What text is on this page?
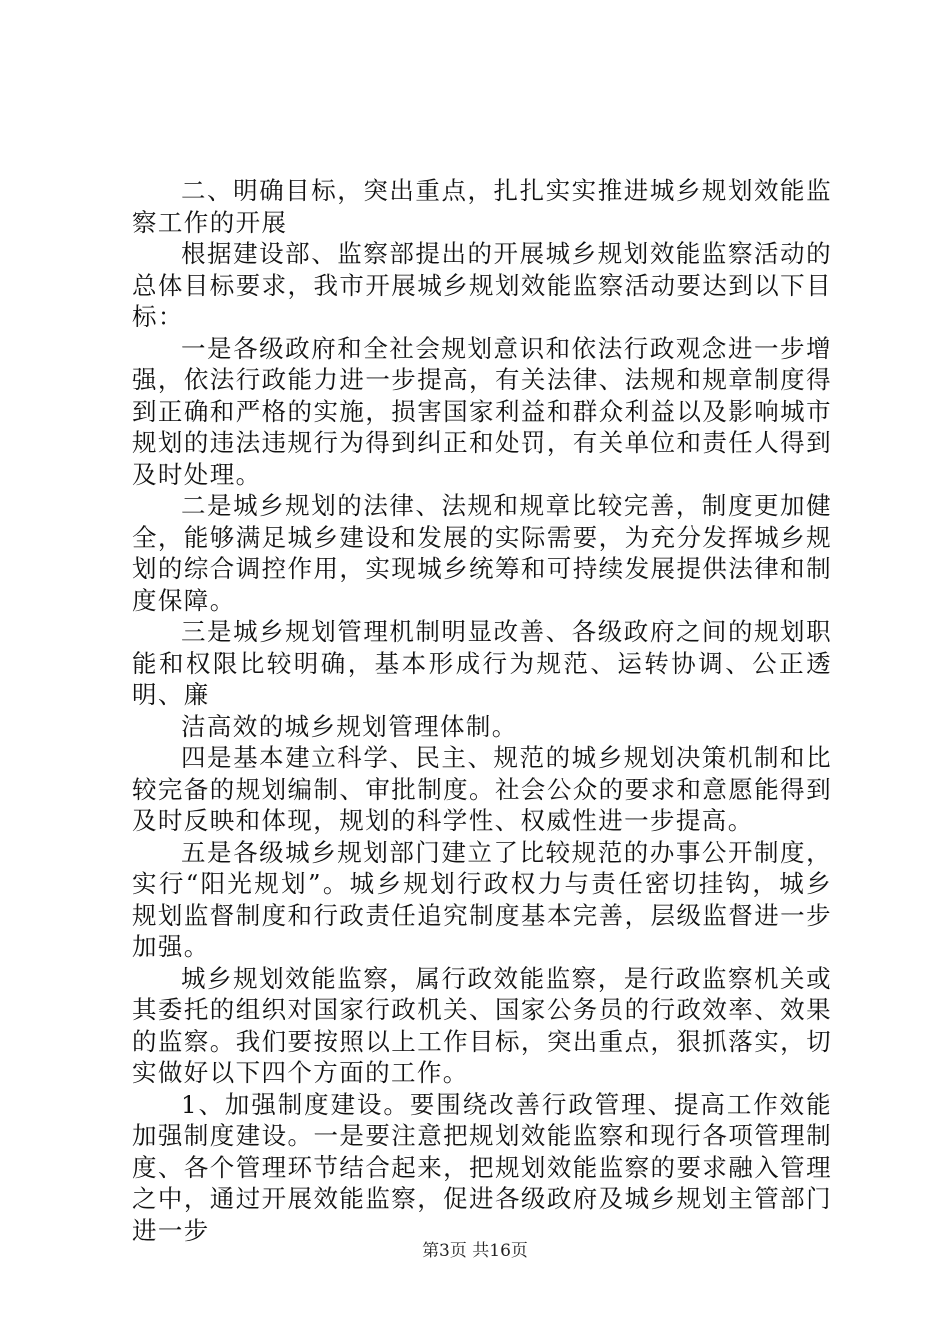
二、明确目标，突出重点，扎扎实实推进城乡规划效能监察工作的开展

根据建设部、监察部提出的开展城乡规划效能监察活动的总体目标要求，我市开展城乡规划效能监察活动要达到以下目标：

一是各级政府和全社会规划意识和依法行政观念进一步增强，依法行政能力进一步提高，有关法律、法规和规章制度得到正确和严格的实施，损害国家利益和群众利益以及影响城市规划的违法违规行为得到纠正和处罚，有关单位和责任人得到及时处理。

二是城乡规划的法律、法规和规章比较完善，制度更加健全，能够满足城乡建设和发展的实际需要，为充分发挥城乡规划的综合调控作用，实现城乡统筹和可持续发展提供法律和制度保障。

三是城乡规划管理机制明显改善、各级政府之间的规划职能和权限比较明确，基本形成行为规范、运转协调、公正透明、廉

洁高效的城乡规划管理体制。

四是基本建立科学、民主、规范的城乡规划决策机制和比较完备的规划编制、审批制度。社会公众的要求和意愿能得到及时反映和体现，规划的科学性、权威性进一步提高。

五是各级城乡规划部门建立了比较规范的办事公开制度，实行“阳光规划”。城乡规划行政权力与责任密切挂钩，城乡规划监督制度和行政责任追究制度基本完善，层级监督进一步加强。

城乡规划效能监察，属行政效能监察，是行政监察机关或其委托的组织对国家行政机关、国家公务员的行政效率、效果的监察。我们要按照以上工作目标，突出重点，狠抓落实，切实做好以下四个方面的工作。

1、加强制度建设。要围绕改善行政管理、提高工作效能加强制度建设。一是要注意把规划效能监察和现行各项管理制度、各个管理环节结合起来，把规划效能监察的要求融入管理之中，通过开展效能监察，促进各级政府及城乡规划主管部门进一步

第3页 共16页
